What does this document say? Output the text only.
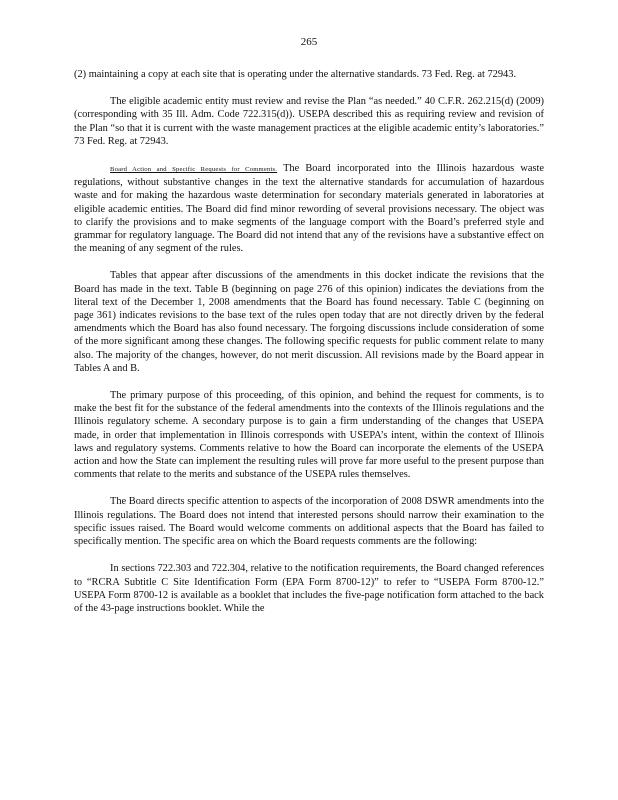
265

(2) maintaining a copy at each site that is operating under the alternative standards. 73 Fed. Reg. at 72943.

The eligible academic entity must review and revise the Plan “as needed.” 40 C.F.R. 262.215(d) (2009) (corresponding with 35 Ill. Adm. Code 722.315(d)). USEPA described this as requiring review and revision of the Plan “so that it is current with the waste management practices at the eligible academic entity’s laboratories.” 73 Fed. Reg. at 72943.

Board Action and Specific Requests for Comments. The Board incorporated into the Illinois hazardous waste regulations, without substantive changes in the text the alternative standards for accumulation of hazardous waste and for making the hazardous waste determination for secondary materials generated in laboratories at eligible academic entities. The Board did find minor rewording of several provisions necessary. The object was to clarify the provisions and to make segments of the language comport with the Board’s preferred style and grammar for regulatory language. The Board did not intend that any of the revisions have a substantive effect on the meaning of any segment of the rules.

Tables that appear after discussions of the amendments in this docket indicate the revisions that the Board has made in the text. Table B (beginning on page 276 of this opinion) indicates the deviations from the literal text of the December 1, 2008 amendments that the Board has found necessary. Table C (beginning on page 361) indicates revisions to the base text of the rules open today that are not directly driven by the federal amendments which the Board has also found necessary. The forgoing discussions include consideration of some of the more significant among these changes. The following specific requests for public comment relate to many also. The majority of the changes, however, do not merit discussion. All revisions made by the Board appear in Tables A and B.

The primary purpose of this proceeding, of this opinion, and behind the request for comments, is to make the best fit for the substance of the federal amendments into the contexts of the Illinois regulations and the Illinois regulatory scheme. A secondary purpose is to gain a firm understanding of the changes that USEPA made, in order that implementation in Illinois corresponds with USEPA’s intent, within the context of Illinois laws and regulatory systems. Comments relative to how the Board can incorporate the elements of the USEPA action and how the State can implement the resulting rules will prove far more useful to the present purpose than comments that relate to the merits and substance of the USEPA rules themselves.

The Board directs specific attention to aspects of the incorporation of 2008 DSWR amendments into the Illinois regulations. The Board does not intend that interested persons should narrow their examination to the specific issues raised. The Board would welcome comments on additional aspects that the Board has failed to specifically mention. The specific area on which the Board requests comments are the following:

In sections 722.303 and 722.304, relative to the notification requirements, the Board changed references to “RCRA Subtitle C Site Identification Form (EPA Form 8700-12)” to refer to “USEPA Form 8700-12.” USEPA Form 8700-12 is available as a booklet that includes the five-page notification form attached to the back of the 43-page instructions booklet. While the
